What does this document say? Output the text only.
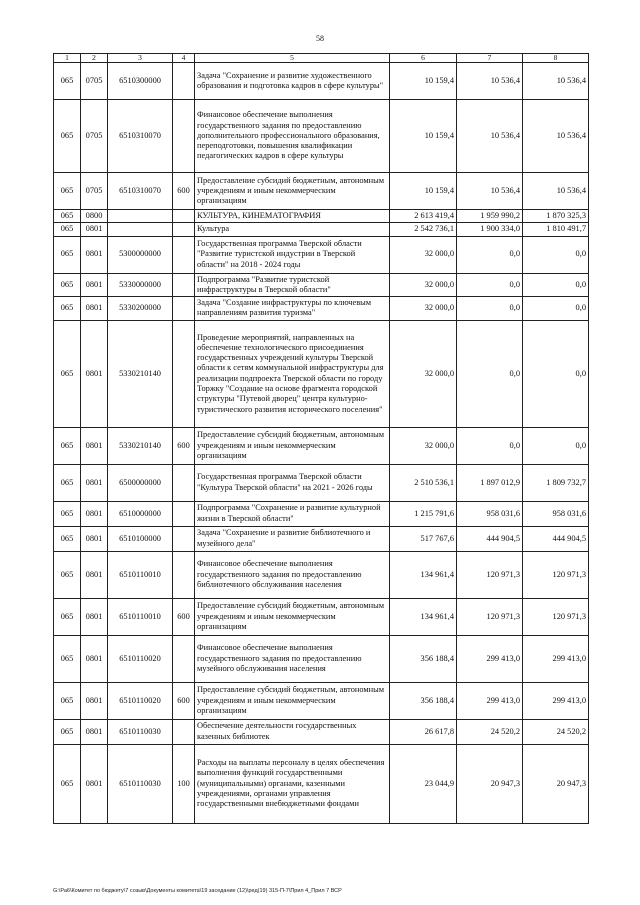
58
1	2	3	4	5	6	7	8
065	0705	6510300000		Задача "Сохранение и развитие художественного образования и подготовка кадров в сфере культуры"	10 159,4	10 536,4	10 536,4
065	0705	6510310070		Финансовое обеспечение выполнения государственного задания по предоставлению дополнительного профессионального образования, переподготовки, повышения квалификации педагогических кадров в сфере культуры	10 159,4	10 536,4	10 536,4
065	0705	6510310070	600	Предоставление субсидий бюджетным, автономным учреждениям и иным некоммерческим организациям	10 159,4	10 536,4	10 536,4
065	0800			КУЛЬТУРА, КИНЕМАТОГРАФИЯ	2 613 419,4	1 959 990,2	1 870 325,3
065	0801			Культура	2 542 736,1	1 900 334,0	1 810 491,7
065	0801	5300000000		Государственная программа Тверской области "Развитие туристской индустрии в Тверской области" на 2018 - 2024 годы	32 000,0	0,0	0,0
065	0801	5330000000		Подпрограмма "Развитие туристской инфраструктуры в Тверской области"	32 000,0	0,0	0,0
065	0801	5330200000		Задача "Создание инфраструктуры по ключевым направлениям развития туризма"	32 000,0	0,0	0,0
065	0801	5330210140		Проведение мероприятий, направленных на обеспечение технологического присоединения государственных учреждений культуры Тверской области к сетям коммунальной инфраструктуры для реализации подпроекта Тверской области по городу Торжку "Создание на основе фрагмента городской структуры "Путевой дворец" центра культурно-туристического развития исторического поселения"	32 000,0	0,0	0,0
065	0801	5330210140	600	Предоставление субсидий бюджетным, автономным учреждениям и иным некоммерческим организациям	32 000,0	0,0	0,0
065	0801	6500000000		Государственная программа Тверской области "Культура Тверской области" на 2021 - 2026 годы	2 510 536,1	1 897 012,9	1 809 732,7
065	0801	6510000000		Подпрограмма "Сохранение и развитие культурной жизни в Тверской области"	1 215 791,6	958 031,6	958 031,6
065	0801	6510100000		Задача "Сохранение и развитие библиотечного и музейного дела"	517 767,6	444 904,5	444 904,5
065	0801	6510110010		Финансовое обеспечение выполнения государственного задания по предоставлению библиотечного обслуживания населения	134 961,4	120 971,3	120 971,3
065	0801	6510110010	600	Предоставление субсидий бюджетным, автономным учреждениям и иным некоммерческим организациям	134 961,4	120 971,3	120 971,3
065	0801	6510110020		Финансовое обеспечение выполнения государственного задания по предоставлению музейного обслуживания населения	356 188,4	299 413,0	299 413,0
065	0801	6510110020	600	Предоставление субсидий бюджетным, автономным учреждениям и иным некоммерческим организациям	356 188,4	299 413,0	299 413,0
065	0801	6510110030		Обеспечение деятельности государственных казенных библиотек	26 617,8	24 520,2	24 520,2
065	0801	6510110030	100	Расходы на выплаты персоналу в целях обеспечения выполнения функций государственными (муниципальными) органами, казенными учреждениями, органами управления государственными внебюджетными фондами	23 044,9	20 947,3	20 947,3
G:\Ра6\Комитет по бюджету\7 созыв\Документы комитета\19 заседание (12)\ред(19) 315-П-7\Прил 4_Прил 7 ВСР
